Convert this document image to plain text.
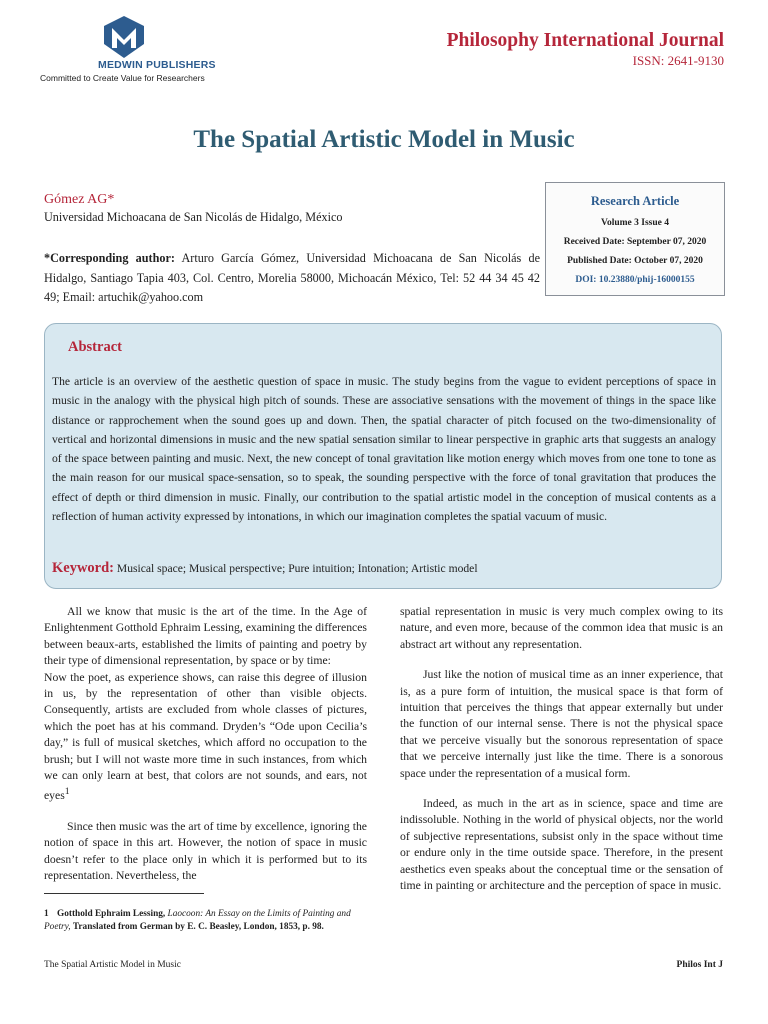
MEDWIN PUBLISHERS
Committed to Create Value for Researchers
Philosophy International Journal
ISSN: 2641-9130
The Spatial Artistic Model in Music
Gómez AG*
Universidad Michoacana de San Nicolás de Hidalgo, México
*Corresponding author: Arturo García Gómez, Universidad Michoacana de San Nicolás de Hidalgo, Santiago Tapia 403, Col. Centro, Morelia 58000, Michoacán México, Tel: 52 44 34 45 42 49; Email: artuchik@yahoo.com
Research Article
Volume 3 Issue 4
Received Date: September 07, 2020
Published Date: October 07, 2020
DOI: 10.23880/phij-16000155
Abstract
The article is an overview of the aesthetic question of space in music. The study begins from the vague to evident perceptions of space in music in the analogy with the physical high pitch of sounds. These are associative sensations with the movement of things in the space like distance or rapprochement when the sound goes up and down. Then, the spatial character of pitch focused on the two-dimensionality of vertical and horizontal dimensions in music and the new spatial sensation similar to linear perspective in graphic arts that suggests an analogy of the space between painting and music. Next, the new concept of tonal gravitation like motion energy which moves from one tone to tone as the main reason for our musical space-sensation, so to speak, the sounding perspective with the force of tonal gravitation that produces the effect of depth or third dimension in music. Finally, our contribution to the spatial artistic model in the conception of musical contents as a reflection of human activity expressed by intonations, in which our imagination completes the spatial vacuum of music.
Keyword: Musical space; Musical perspective; Pure intuition; Intonation; Artistic model

All we know that music is the art of the time. In the Age of Enlightenment Gotthold Ephraim Lessing, examining the differences between beaux-arts, established the limits of painting and poetry by their type of dimensional representation, by space or by time:

Now the poet, as experience shows, can raise this degree of illusion in us, by the representation of other than visible objects. Consequently, artists are excluded from whole classes of pictures, which the poet has at his command. Dryden’s “Ode upon Cecilia’s day,” is full of musical sketches, which afford no occupation to the brush; but I will not waste more time in such instances, from which we can only learn at best, that colors are not sounds, and ears, not eyes$^1$

Since then music was the art of time by excellence, ignoring the notion of space in this art. However, the notion of space in music doesn’t refer to the place only in which it is performed but to its representation. Nevertheless, the

spatial representation in music is very much complex owing to its nature, and even more, because of the common idea that music is an abstract art without any representation.

Just like the notion of musical time as an inner experience, that is, as a pure form of intuition, the musical space is that form of intuition that perceives the things that appear externally but under the function of our internal sense. There is not the physical space that we perceive visually but the sonorous representation of space that we perceive internally just like the time. There is a sonorous space under the representation of a musical form.

Indeed, as much in the art as in science, space and time are indissoluble. Nothing in the world of physical objects, nor the world of subjective representations, subsist only in the space without time or endure only in the time outside space. Therefore, in the present aesthetics even speaks about the conceptual time or the sensation of time in painting or architecture and the perception of space in music.

1 Gotthold Ephraim Lessing, Laocoon: An Essay on the Limits of Painting and Poetry, Translated from German by E. C. Beasley, London, 1853, p. 98.
The Spatial Artistic Model in Music	Philos Int J
